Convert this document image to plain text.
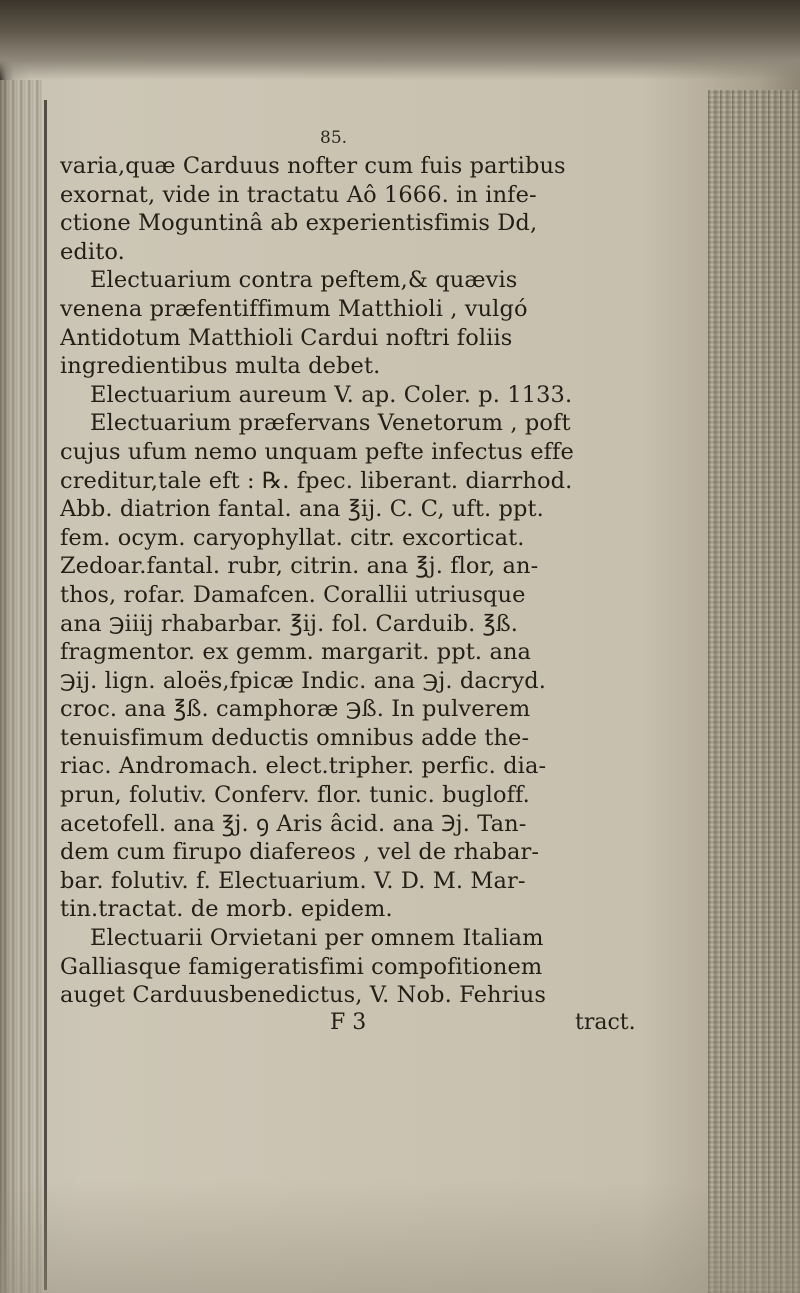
85.
varia,quæ Carduus nofter cum fuis partibus
exornat, vide in tractatu Aô 1666. in infe-
ctione Moguntinâ ab experientisfimis Dd,
edito.
Electuarium contra peftem,& quævis
venena præfentiffimum Matthioli , vulgó
Antidotum Matthioli Cardui noftri foliis
ingredientibus multa debet.
Electuarium aureum V. ap. Coler. p. 1133.
Electuarium præfervans Venetorum , poft
cujus ufum nemo unquam pefte infectus effe
creditur,tale eft : ℞. fpec. liberant. diarrhod.
Abb. diatrion fantal. ana ℥ij. C. C, uft. ppt.
fem. ocym. caryophyllat. citr. excorticat.
Zedoar.fantal. rubr, citrin. ana ℥j. flor, an-
thos, rofar. Damafcen. Corallii utriusque
ana ℈iiij rhabarbar. ℥ij. fol. Carduib. ℥ß.
fragmentor. ex gemm. margarit. ppt. ana
℈ij. lign. aloës,fpicæ Indic. ana ℈j. dacryd.
croc. ana ℥ß. camphoræ ℈ß. In pulverem
tenuisfimum deductis omnibus adde the-
riac. Andromach. elect.tripher. perfic. dia-
prun, folutiv. Conferv. flor. tunic. bugloff.
acetofell. ana ℥j. ꝯ Aris âcid. ana ℈j. Tan-
dem cum firupo diafereos , vel de rhabar-
bar. folutiv. f. Electuarium. V. D. M. Mar-
tin.tractat. de morb. epidem.
Electuarii Orvietani per omnem Italiam
Galliasque famigeratisfimi compofitionem
auget Carduusbenedictus, V. Nob. Fehrius
F 3	tract.
